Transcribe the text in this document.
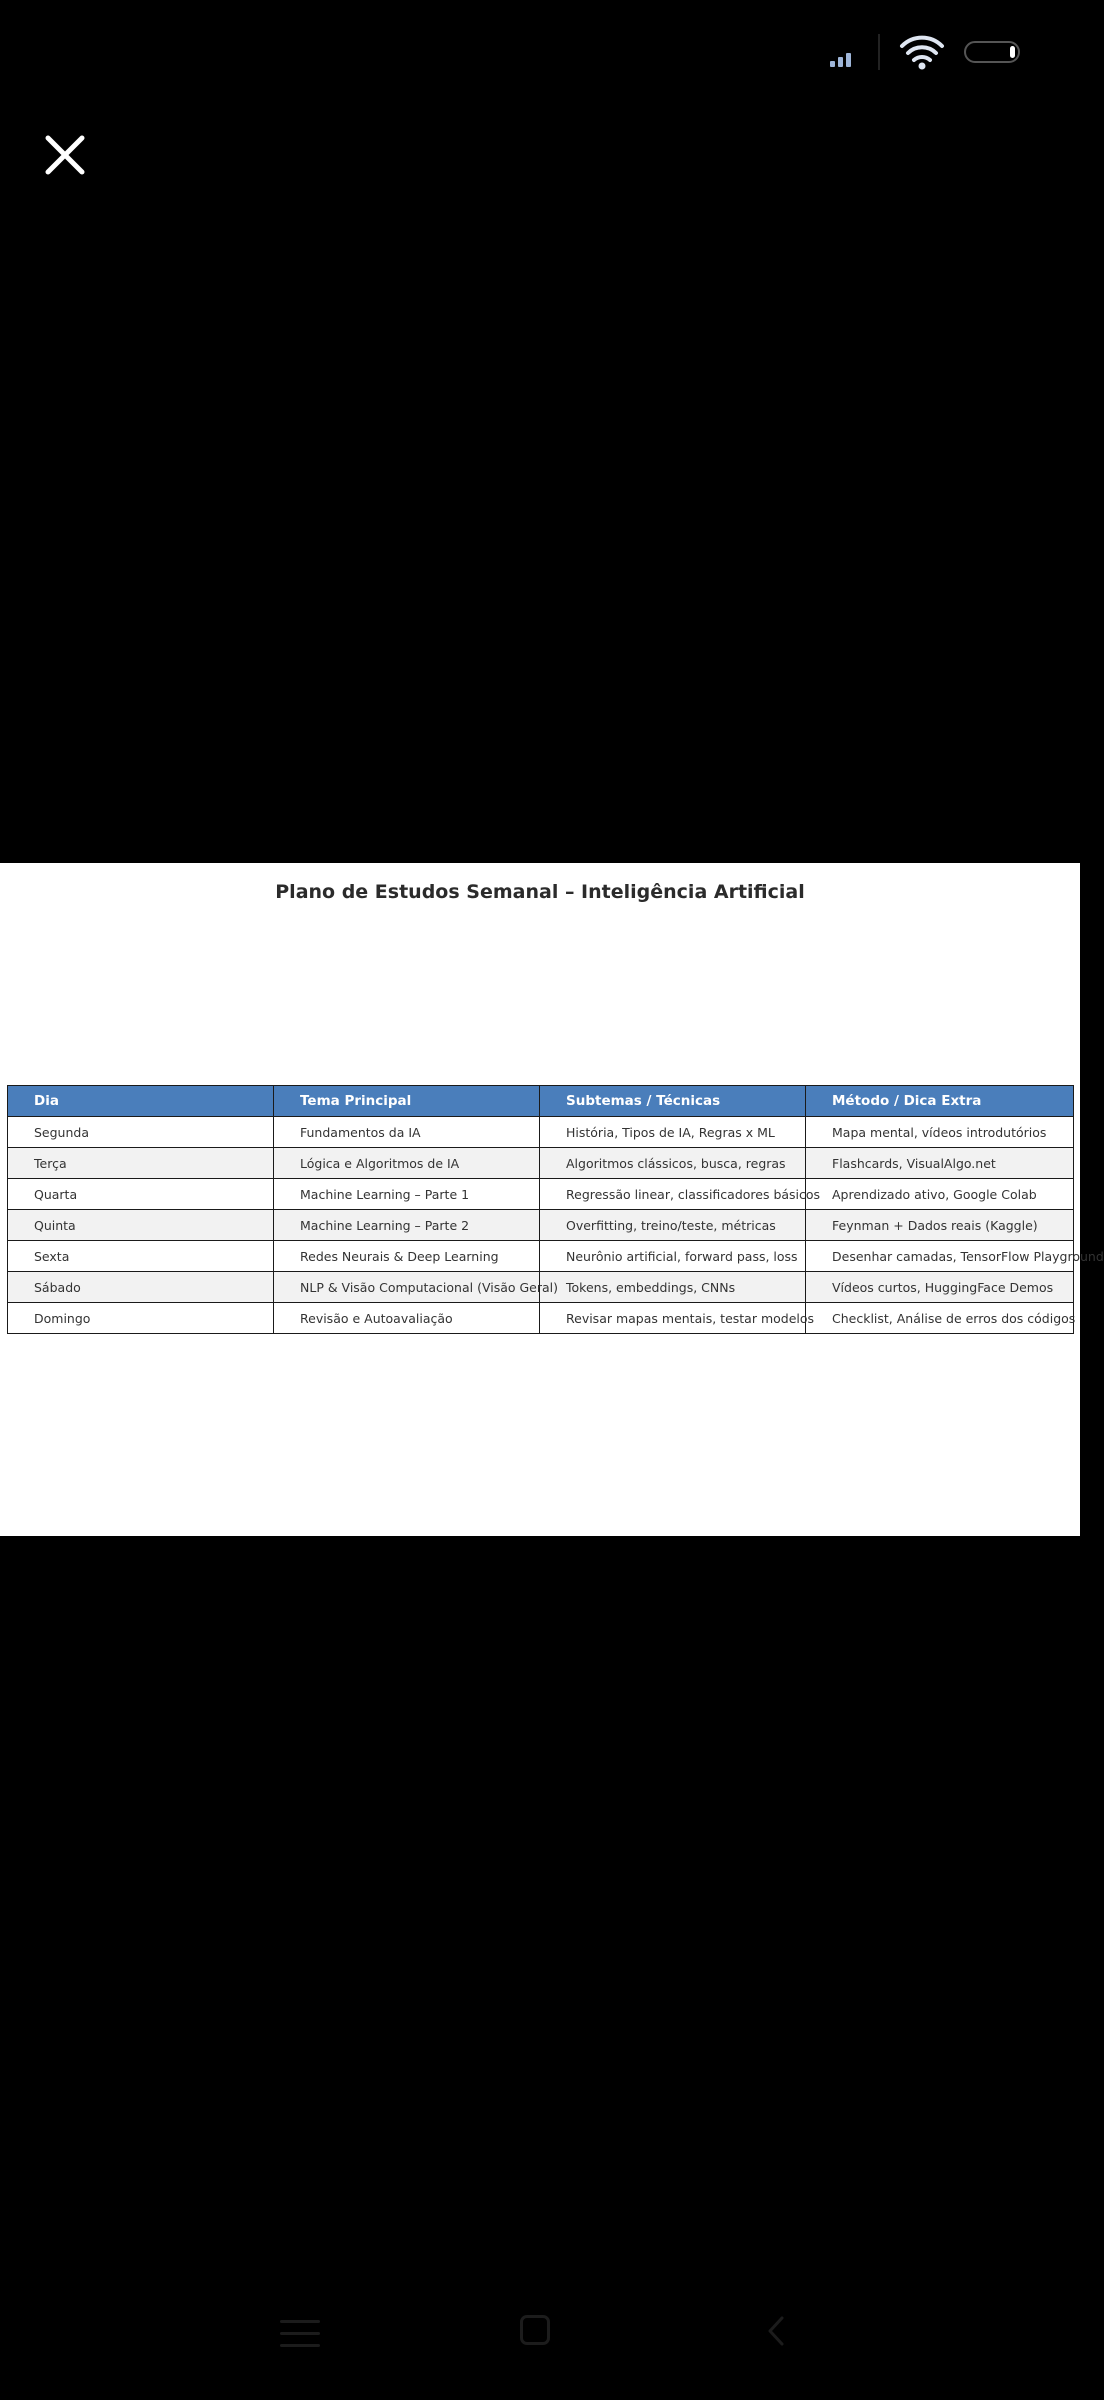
Plano de Estudos Semanal – Inteligência Artificial
Dia	Tema Principal	Subtemas / Técnicas	Método / Dica Extra
Segunda	Fundamentos da IA	História, Tipos de IA, Regras x ML	Mapa mental, vídeos introdutórios
Terça	Lógica e Algoritmos de IA	Algoritmos clássicos, busca, regras	Flashcards, VisualAlgo.net
Quarta	Machine Learning – Parte 1	Regressão linear, classificadores básicos	Aprendizado ativo, Google Colab
Quinta	Machine Learning – Parte 2	Overfitting, treino/teste, métricas	Feynman + Dados reais (Kaggle)
Sexta	Redes Neurais & Deep Learning	Neurônio artificial, forward pass, loss	Desenhar camadas, TensorFlow Playground
Sábado	NLP & Visão Computacional (Visão Geral)	Tokens, embeddings, CNNs	Vídeos curtos, HuggingFace Demos
Domingo	Revisão e Autoavaliação	Revisar mapas mentais, testar modelos	Checklist, Análise de erros dos códigos
